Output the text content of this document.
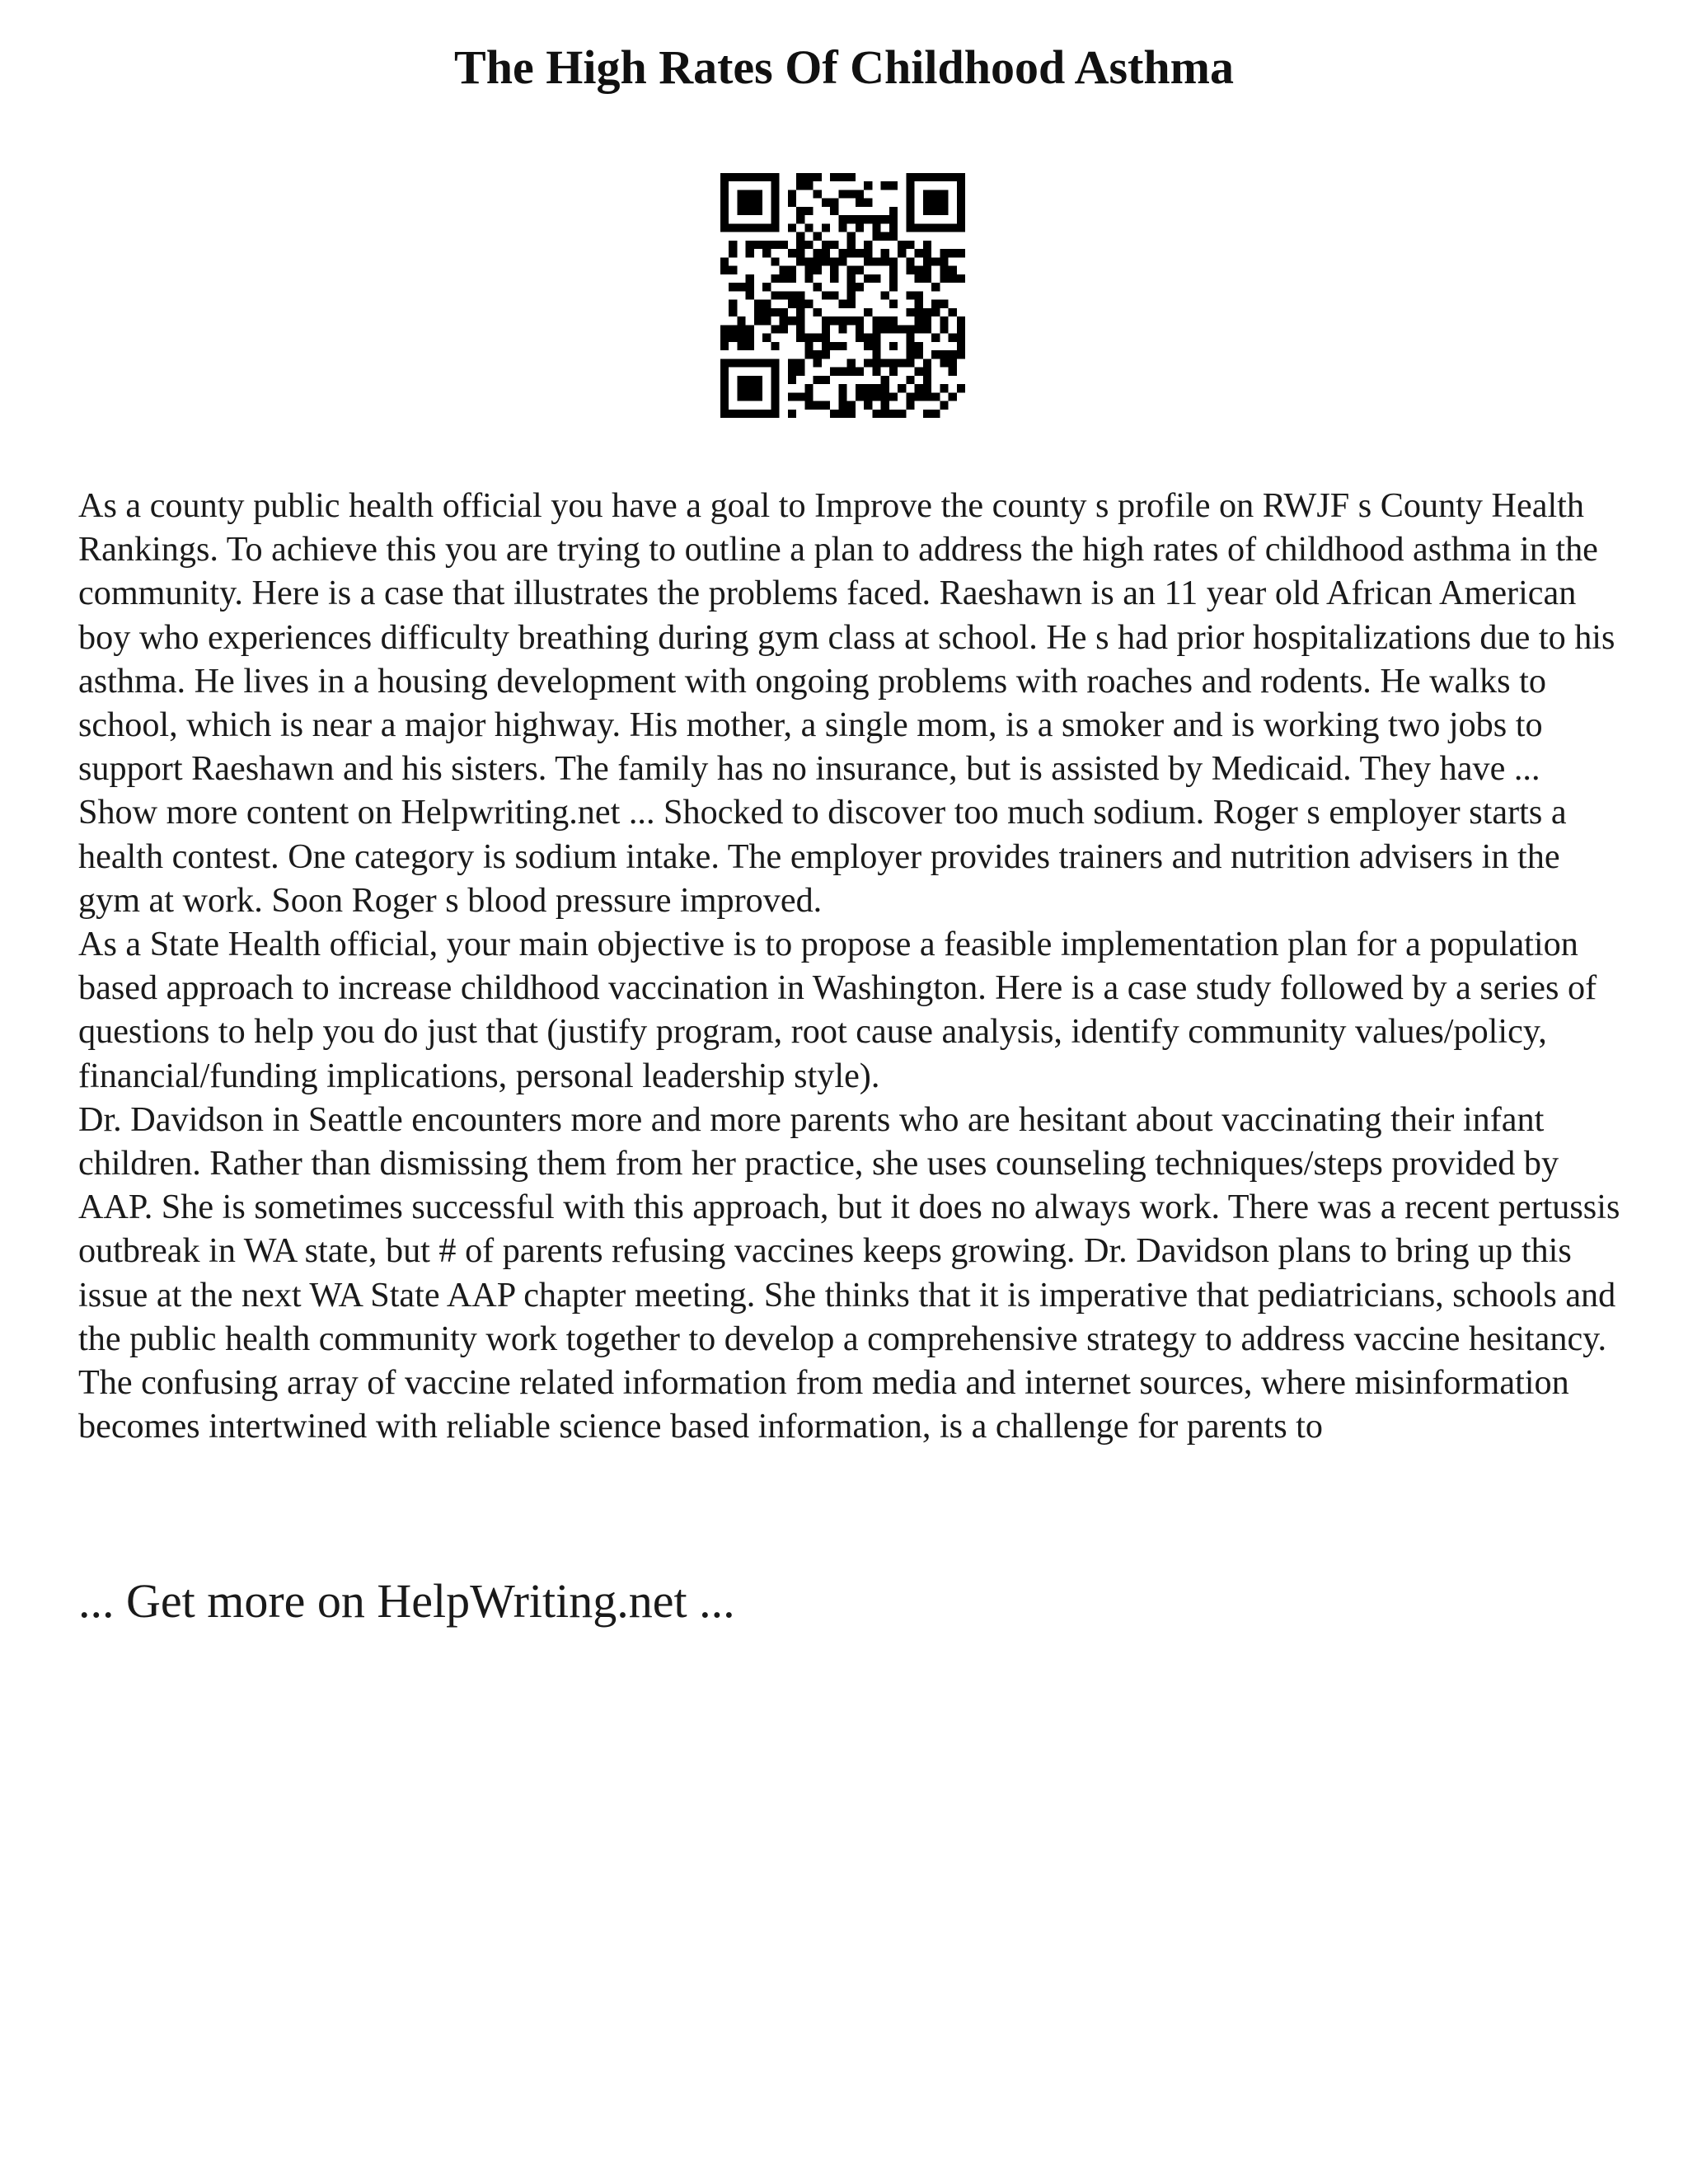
The High Rates Of Childhood Asthma

As a county public health official you have a goal to Improve the county s profile on RWJF s County Health Rankings. To achieve this you are trying to outline a plan to address the high rates of childhood asthma in the community. Here is a case that illustrates the problems faced. Raeshawn is an 11 year old African American boy who experiences difficulty breathing during gym class at school. He s had prior hospitalizations due to his asthma. He lives in a housing development with ongoing problems with roaches and rodents. He walks to school, which is near a major highway. His mother, a single mom, is a smoker and is working two jobs to support Raeshawn and his sisters. The family has no insurance, but is assisted by Medicaid. They have ... Show more content on Helpwriting.net ... Shocked to discover too much sodium. Roger s employer starts a health contest. One category is sodium intake. The employer provides trainers and nutrition advisers in the gym at work. Soon Roger s blood pressure improved.

As a State Health official, your main objective is to propose a feasible implementation plan for a population based approach to increase childhood vaccination in Washington. Here is a case study followed by a series of questions to help you do just that (justify program, root cause analysis, identify community values/policy, financial/funding implications, personal leadership style).

Dr. Davidson in Seattle encounters more and more parents who are hesitant about vaccinating their infant children. Rather than dismissing them from her practice, she uses counseling techniques/steps provided by AAP. She is sometimes successful with this approach, but it does no always work. There was a recent pertussis outbreak in WA state, but # of parents refusing vaccines keeps growing. Dr. Davidson plans to bring up this issue at the next WA State AAP chapter meeting. She thinks that it is imperative that pediatricians, schools and the public health community work together to develop a comprehensive strategy to address vaccine hesitancy. The confusing array of vaccine related information from media and internet sources, where misinformation becomes intertwined with reliable science based information, is a challenge for parents to

... Get more on HelpWriting.net ...
